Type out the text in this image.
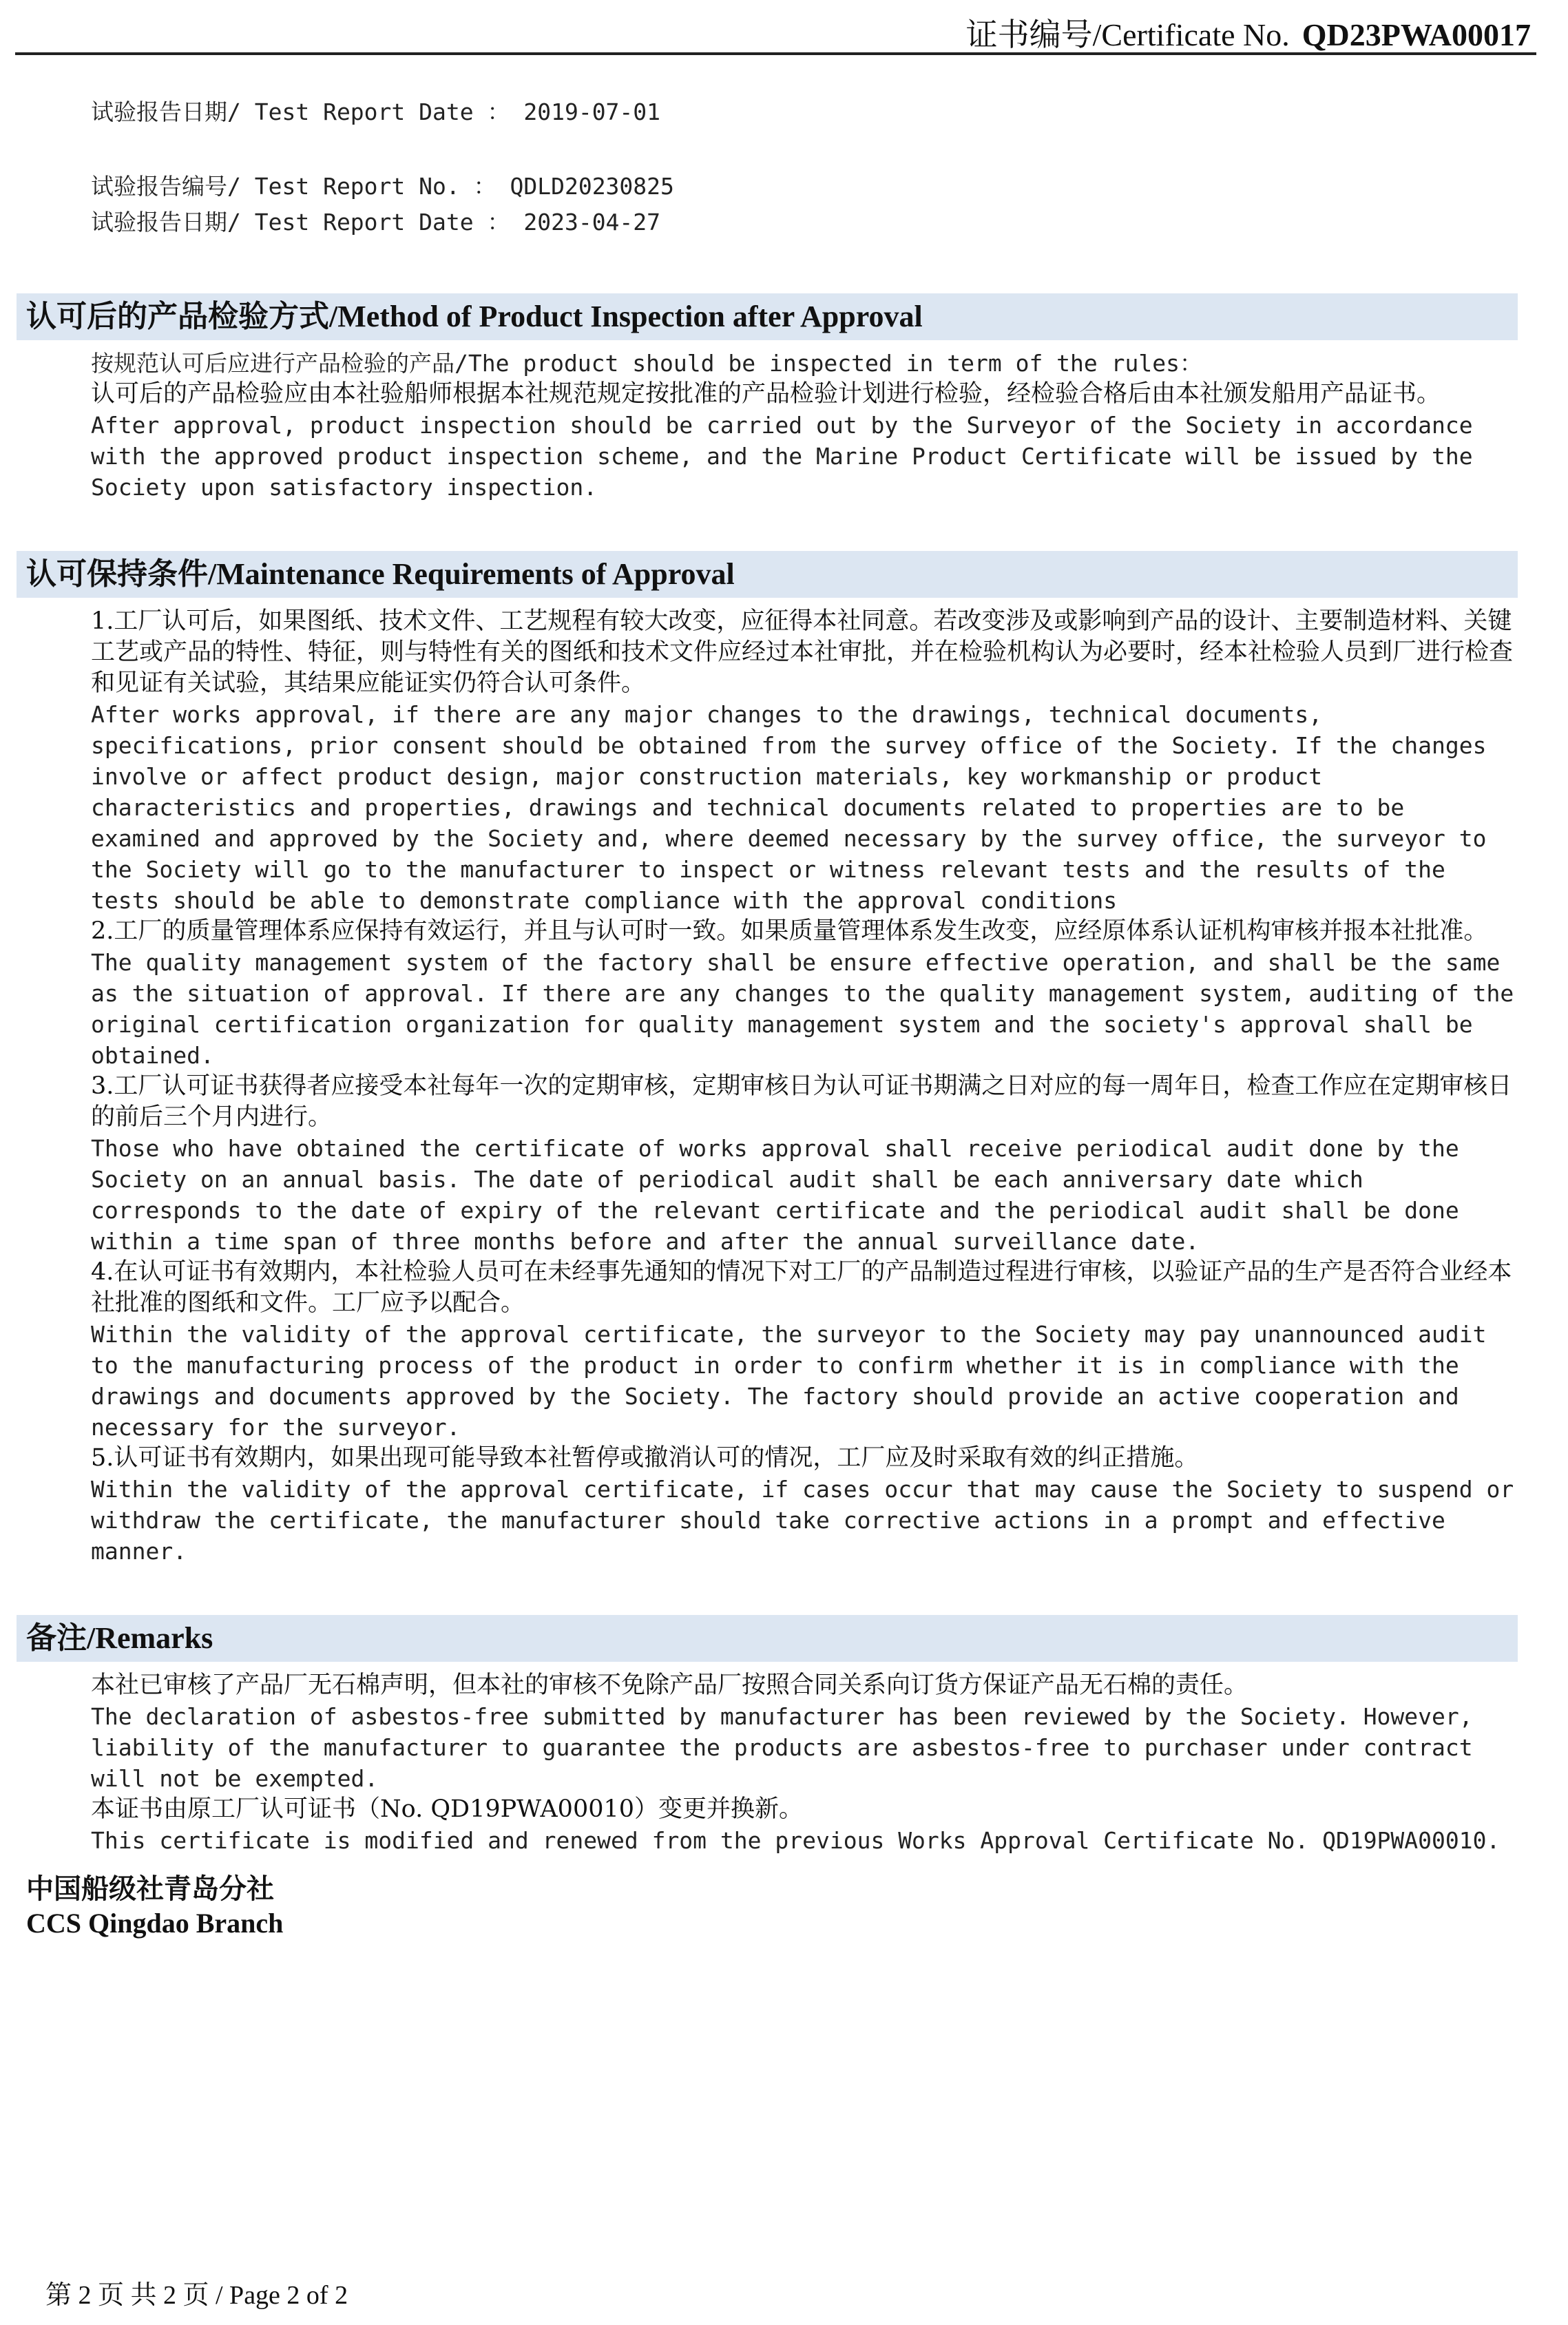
证书编号/Certificate No. QD23PWA00017
试验报告日期/ Test Report Date ： 2019-07-01
试验报告编号/ Test Report No. ： QDLD20230825
试验报告日期/ Test Report Date ： 2023-04-27
认可后的产品检验方式/Method of Product Inspection after Approval

按规范认可后应进行产品检验的产品/The product should be inspected in term of the rules：

认可后的产品检验应由本社验船师根据本社规范规定按批准的产品检验计划进行检验，经检验合格后由本社颁发船用产品证书。

After approval, product inspection should be carried out by the Surveyor of the Society in accordance with the approved product inspection scheme, and the Marine Product Certificate will be issued by the Society upon satisfactory inspection.

认可保持条件/Maintenance Requirements of Approval

1.工厂认可后，如果图纸、技术文件、工艺规程有较大改变，应征得本社同意。若改变涉及或影响到产品的设计、主要制造材料、关键工艺或产品的特性、特征，则与特性有关的图纸和技术文件应经过本社审批，并在检验机构认为必要时，经本社检验人员到厂进行检查和见证有关试验，其结果应能证实仍符合认可条件。

After works approval, if there are any major changes to the drawings, technical documents, specifications, prior consent should be obtained from the survey office of the Society. If the changes involve or affect product design, major construction materials, key workmanship or product characteristics and properties, drawings and technical documents related to properties are to be examined and approved by the Society and, where deemed necessary by the survey office, the surveyor to the Society will go to the manufacturer to inspect or witness relevant tests and the results of the tests should be able to demonstrate compliance with the approval conditions

2.工厂的质量管理体系应保持有效运行，并且与认可时一致。如果质量管理体系发生改变，应经原体系认证机构审核并报本社批准。

The quality management system of the factory shall be ensure effective operation, and shall be the same as the situation of approval. If there are any changes to the quality management system, auditing of the original certification organization for quality management system and the society's approval shall be obtained.

3.工厂认可证书获得者应接受本社每年一次的定期审核，定期审核日为认可证书期满之日对应的每一周年日，检查工作应在定期审核日的前后三个月内进行。

Those who have obtained the certificate of works approval shall receive periodical audit done by the Society on an annual basis. The date of periodical audit shall be each anniversary date which corresponds to the date of expiry of the relevant certificate and the periodical audit shall be done within a time span of three months before and after the annual surveillance date.

4.在认可证书有效期内，本社检验人员可在未经事先通知的情况下对工厂的产品制造过程进行审核，以验证产品的生产是否符合业经本社批准的图纸和文件。工厂应予以配合。

Within the validity of the approval certificate, the surveyor to the Society may pay unannounced audit to the manufacturing process of the product in order to confirm whether it is in compliance with the drawings and documents approved by the Society. The factory should provide an active cooperation and necessary for the surveyor.

5.认可证书有效期内，如果出现可能导致本社暂停或撤消认可的情况，工厂应及时采取有效的纠正措施。

Within the validity of the approval certificate, if cases occur that may cause the Society to suspend or withdraw the certificate, the manufacturer should take corrective actions in a prompt and effective manner.

备注/Remarks

本社已审核了产品厂无石棉声明，但本社的审核不免除产品厂按照合同关系向订货方保证产品无石棉的责任。

The declaration of asbestos-free submitted by manufacturer has been reviewed by the Society. However, liability of the manufacturer to guarantee the products are asbestos-free to purchaser under contract will not be exempted.

本证书由原工厂认可证书（No. QD19PWA00010）变更并换新。

This certificate is modified and renewed from the previous Works Approval Certificate No. QD19PWA00010.

中国船级社青岛分社
CCS Qingdao Branch
第 2 页 共 2 页 / Page 2 of 2
